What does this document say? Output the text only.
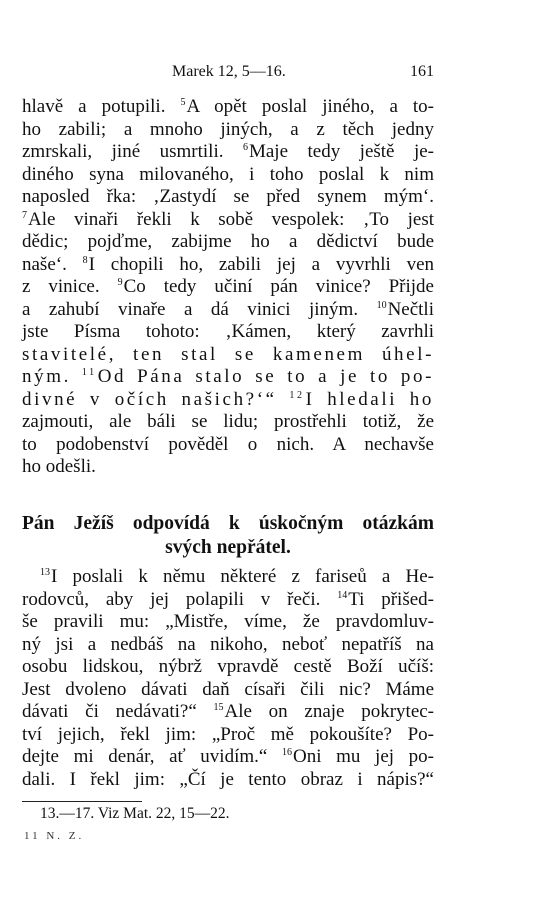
Marek 12, 5—16.	161
hlavě a potupili. $^5$A opět poslal jiného, a to-
ho zabili; a mnoho jiných, a z těch jedny
zmrskali, jiné usmrtili. $^6$Maje tedy ještě je-
diného syna milovaného, i toho poslal k nim
naposled řka: ‚Zastydí se před synem mým‘.
$^7$Ale vinaři řekli k sobě vespolek: ‚To jest
dědic; pojďme, zabijme ho a dědictví bude
naše‘. $^8$I chopili ho, zabili jej a vyvrhli ven
z vinice. $^9$Co tedy učiní pán vinice? Přijde
a zahubí vinaře a dá vinici jiným. $^{10}$Nečtli
jste Písma tohoto: ‚Kámen, který zavrhli
stavitelé, ten stal se kamenem úhel-
ným. $^{11}$Od Pána stalo se to a je to po-
divné v očích našich?‘“ $^{12}$I hledali ho
zajmouti, ale báli se lidu; prostřehli totiž, že
to podobenství pověděl o nich. A nechavše
ho odešli.
Pán Ježíš odpovídá k úskočným otázkám
svých nepřátel.
$^{13}$I poslali k němu některé z fariseů a He-
rodovců, aby jej polapili v řeči. $^{14}$Ti přišed-
še pravili mu: „Mistře, víme, že pravdomluv-
ný jsi a nedbáš na nikoho, neboť nepatříš na
osobu lidskou, nýbrž vpravdě cestě Boží učíš:
Jest dvoleno dávati daň císaři čili nic? Máme
dávati či nedávati?“ $^{15}$Ale on znaje pokrytec-
tví jejich, řekl jim: „Proč mě pokoušíte? Po-
dejte mi denár, ať uvidím.“ $^{16}$Oni mu jej po-
dali. I řekl jim: „Čí je tento obraz i nápis?“
13.—17. Viz Mat. 22, 15—22.
11 N. Z.
